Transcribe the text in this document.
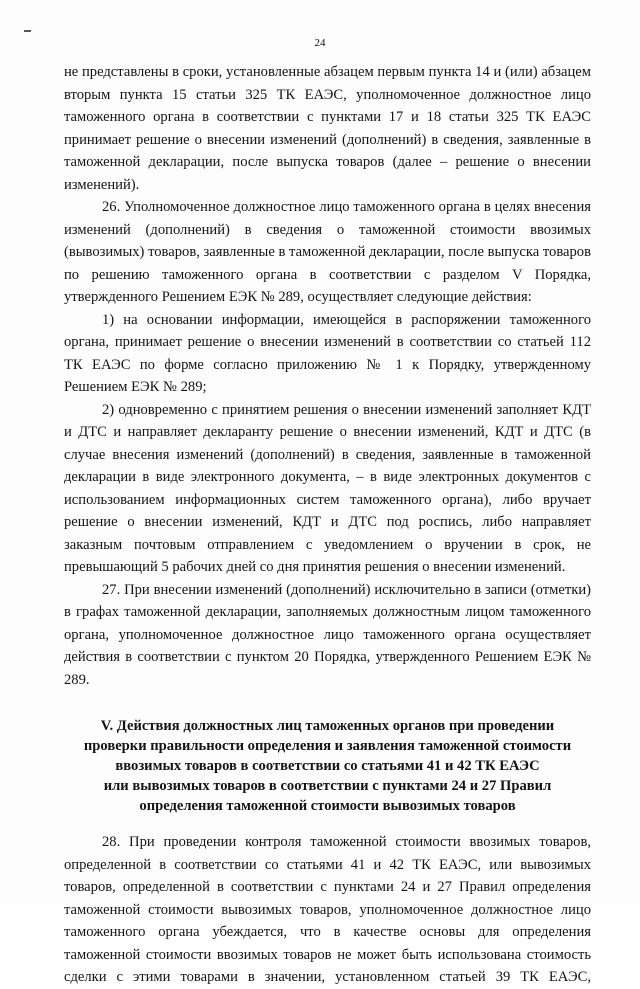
24

не представлены в сроки, установленные абзацем первым пункта 14 и (или) абзацем вторым пункта 15 статьи 325 ТК ЕАЭС, уполномоченное должностное лицо таможенного органа в соответствии с пунктами 17 и 18 статьи 325 ТК ЕАЭС принимает решение о внесении изменений (дополнений) в сведения, заявленные в таможенной декларации, после выпуска товаров (далее – решение о внесении изменений).

26. Уполномоченное должностное лицо таможенного органа в целях внесения изменений (дополнений) в сведения о таможенной стоимости ввозимых (вывозимых) товаров, заявленные в таможенной декларации, после выпуска товаров по решению таможенного органа в соответствии с разделом V Порядка, утвержденного Решением ЕЭК № 289, осуществляет следующие действия:

1) на основании информации, имеющейся в распоряжении таможенного органа, принимает решение о внесении изменений в соответствии со статьей 112 ТК ЕАЭС по форме согласно приложению № 1 к Порядку, утвержденному Решением ЕЭК № 289;

2) одновременно с принятием решения о внесении изменений заполняет КДТ и ДТС и направляет декларанту решение о внесении изменений, КДТ и ДТС (в случае внесения изменений (дополнений) в сведения, заявленные в таможенной декларации в виде электронного документа, – в виде электронных документов с использованием информационных систем таможенного органа), либо вручает решение о внесении изменений, КДТ и ДТС под роспись, либо направляет заказным почтовым отправлением с уведомлением о вручении в срок, не превышающий 5 рабочих дней со дня принятия решения о внесении изменений.

27. При внесении изменений (дополнений) исключительно в записи (отметки) в графах таможенной декларации, заполняемых должностным лицом таможенного органа, уполномоченное должностное лицо таможенного органа осуществляет действия в соответствии с пунктом 20 Порядка, утвержденного Решением ЕЭК № 289.

V. Действия должностных лиц таможенных органов при проведении
проверки правильности определения и заявления таможенной стоимости
ввозимых товаров в соответствии со статьями 41 и 42 ТК ЕАЭС
или вывозимых товаров в соответствии с пунктами 24 и 27 Правил
определения таможенной стоимости вывозимых товаров

28. При проведении контроля таможенной стоимости ввозимых товаров, определенной в соответствии со статьями 41 и 42 ТК ЕАЭС, или вывозимых товаров, определенной в соответствии с пунктами 24 и 27 Правил определения таможенной стоимости вывозимых товаров, уполномоченное должностное лицо таможенного органа убеждается, что в качестве основы для определения таможенной стоимости ввозимых товаров не может быть использована стоимость сделки с этими товарами в значении, установленном статьей 39 ТК ЕАЭС,
